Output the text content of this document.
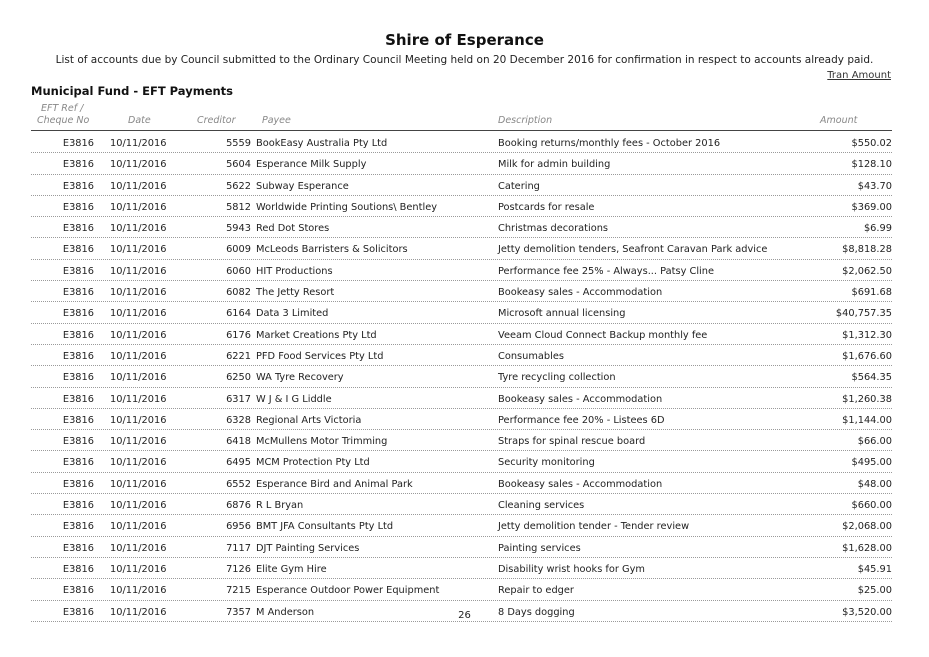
Shire of Esperance
List of accounts due by Council submitted to the Ordinary Council Meeting held on 20 December 2016 for confirmation in respect to accounts already paid.
Tran Amount
Municipal Fund - EFT Payments
EFT Ref /
Cheque No	Date	Creditor	Payee	Description	Amount
E3816 10/11/2016	5559 BookEasy Australia Pty Ltd	Booking returns/monthly fees - October 2016	$550.02
E3816 10/11/2016	5604 Esperance Milk Supply	Milk for admin building	$128.10
E3816 10/11/2016	5622 Subway Esperance	Catering	$43.70
E3816 10/11/2016	5812 Worldwide Printing Soutions\ Bentley	Postcards for resale	$369.00
E3816 10/11/2016	5943 Red Dot Stores	Christmas decorations	$6.99
E3816 10/11/2016	6009 McLeods Barristers & Solicitors	Jetty demolition tenders, Seafront Caravan Park advice	$8,818.28
E3816 10/11/2016	6060 HIT Productions	Performance fee 25% - Always... Patsy Cline	$2,062.50
E3816 10/11/2016	6082 The Jetty Resort	Bookeasy sales - Accommodation	$691.68
E3816 10/11/2016	6164 Data 3 Limited	Microsoft annual licensing	$40,757.35
E3816 10/11/2016	6176 Market Creations Pty Ltd	Veeam Cloud Connect Backup monthly fee	$1,312.30
E3816 10/11/2016	6221 PFD Food Services Pty Ltd	Consumables	$1,676.60
E3816 10/11/2016	6250 WA Tyre Recovery	Tyre recycling collection	$564.35
E3816 10/11/2016	6317 W J & I G Liddle	Bookeasy sales - Accommodation	$1,260.38
E3816 10/11/2016	6328 Regional Arts Victoria	Performance fee 20% - Listees 6D	$1,144.00
E3816 10/11/2016	6418 McMullens Motor Trimming	Straps for spinal rescue board	$66.00
E3816 10/11/2016	6495 MCM Protection Pty Ltd	Security monitoring	$495.00
E3816 10/11/2016	6552 Esperance Bird and Animal Park	Bookeasy sales - Accommodation	$48.00
E3816 10/11/2016	6876 R L Bryan	Cleaning services	$660.00
E3816 10/11/2016	6956 BMT JFA Consultants Pty Ltd	Jetty demolition tender - Tender review	$2,068.00
E3816 10/11/2016	7117 DJT Painting Services	Painting services	$1,628.00
E3816 10/11/2016	7126 Elite Gym Hire	Disability wrist hooks for Gym	$45.91
E3816 10/11/2016	7215 Esperance Outdoor Power Equipment	Repair to edger	$25.00
E3816 10/11/2016	7357 M Anderson	8 Days dogging	$3,520.00
26
